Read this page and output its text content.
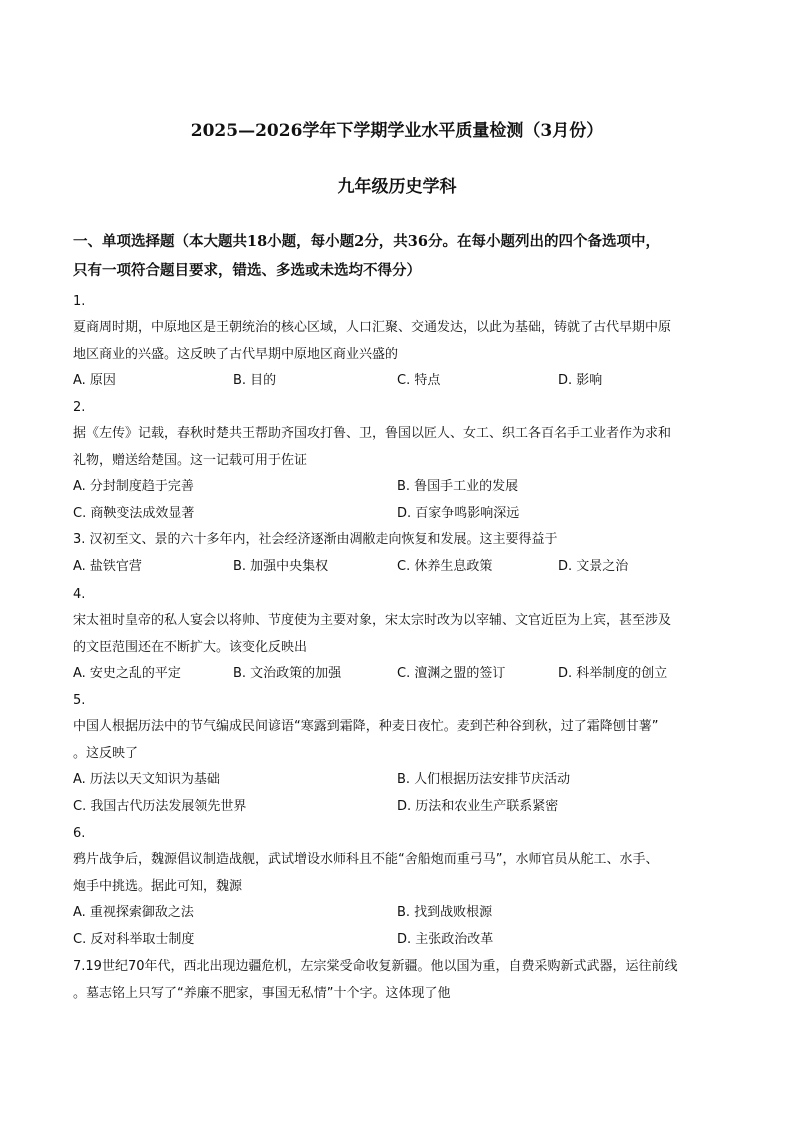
2025—2026学年下学期学业水平质量检测（3月份）
九年级历史学科
一、单项选择题（本大题共18小题，每小题2分，共36分。在每小题列出的四个备选项中，
只有一项符合题目要求，错选、多选或未选均不得分）
1.
夏商周时期，中原地区是王朝统治的核心区域，人口汇聚、交通发达，以此为基础，铸就了古代早期中原
地区商业的兴盛。这反映了古代早期中原地区商业兴盛的
A. 原因	B. 目的	C. 特点	D. 影响
2.
据《左传》记载，春秋时楚共王帮助齐国攻打鲁、卫，鲁国以匠人、女工、织工各百名手工业者作为求和
礼物，赠送给楚国。这一记载可用于佐证
A. 分封制度趋于完善	B. 鲁国手工业的发展
C. 商鞅变法成效显著	D. 百家争鸣影响深远
3. 汉初至文、景的六十多年内，社会经济逐渐由凋敝走向恢复和发展。这主要得益于
A. 盐铁官营	B. 加强中央集权	C. 休养生息政策	D. 文景之治
4.
宋太祖时皇帝的私人宴会以将帅、节度使为主要对象，宋太宗时改为以宰辅、文官近臣为上宾，甚至涉及
的文臣范围还在不断扩大。该变化反映出
A. 安史之乱的平定	B. 文治政策的加强	C. 澶渊之盟的签订	D. 科举制度的创立
5.
中国人根据历法中的节气编成民间谚语“寒露到霜降，种麦日夜忙。麦到芒种谷到秋，过了霜降刨甘薯”
。这反映了
A. 历法以天文知识为基础	B. 人们根据历法安排节庆活动
C. 我国古代历法发展领先世界	D. 历法和农业生产联系紧密
6.
鸦片战争后，魏源倡议制造战舰，武试增设水师科且不能“舍船炮而重弓马”，水师官员从舵工、水手、
炮手中挑选。据此可知，魏源
A. 重视探索御敌之法	B. 找到战败根源
C. 反对科举取士制度	D. 主张政治改革
7.19世纪70年代，西北出现边疆危机，左宗棠受命收复新疆。他以国为重，自费采购新式武器，运往前线
。墓志铭上只写了“养廉不肥家，事国无私情”十个字。这体现了他
